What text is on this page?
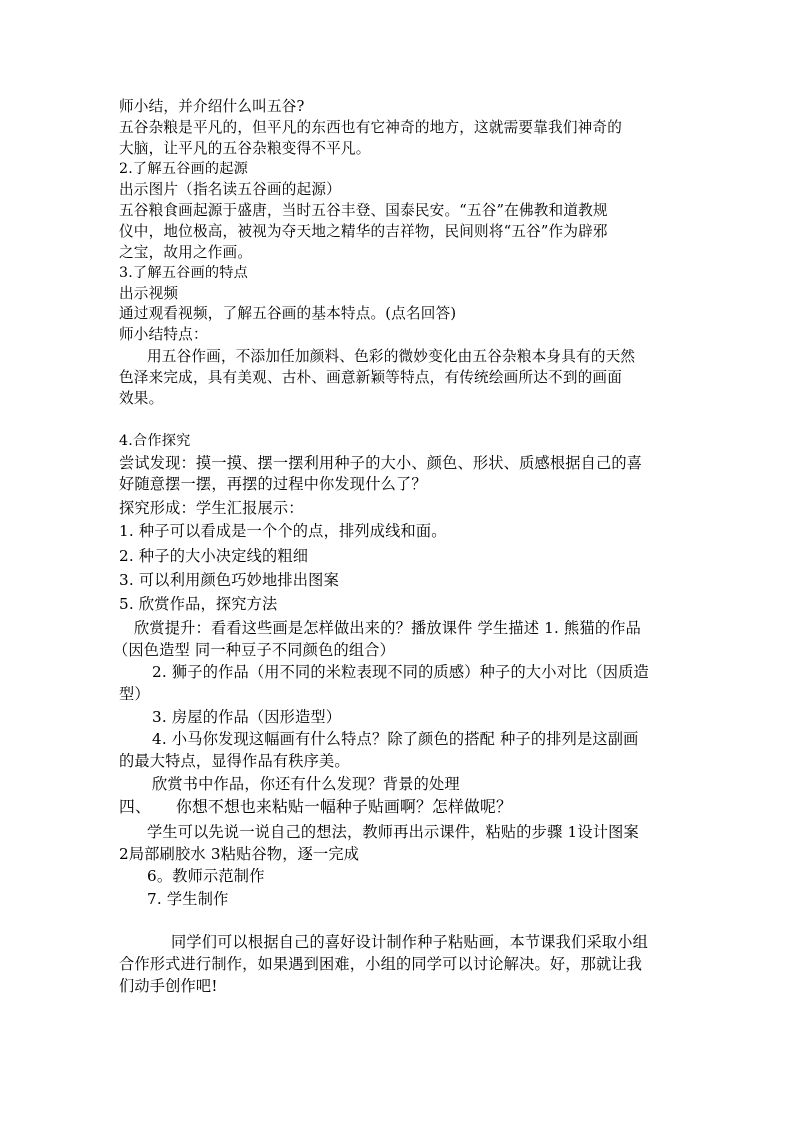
师小结，并介绍什么叫五谷?
五谷杂粮是平凡的，但平凡的东西也有它神奇的地方，这就需要靠我们神奇的
大脑，让平凡的五谷杂粮变得不平凡。
2.了解五谷画的起源
出示图片（指名读五谷画的起源）
五谷粮食画起源于盛唐，当时五谷丰登、国泰民安。“五谷”在佛教和道教规
仪中，地位极高，被视为夺天地之精华的吉祥物，民间则将“五谷”作为辟邪
之宝，故用之作画。
3.了解五谷画的特点
出示视频
通过观看视频，了解五谷画的基本特点。(点名回答)
师小结特点：
用五谷作画，不添加任加颜料、色彩的微妙变化由五谷杂粮本身具有的天然
色泽来完成，具有美观、古朴、画意新颖等特点，有传统绘画所达不到的画面
效果。
4.合作探究
尝试发现：摸一摸、摆一摆利用种子的大小、颜色、形状、质感根据自己的喜
好随意摆一摆，再摆的过程中你发现什么了？
探究形成：学生汇报展示：
1. 种子可以看成是一个个的点，排列成线和面。
2. 种子的大小决定线的粗细
3. 可以利用颜色巧妙地排出图案
5. 欣赏作品，探究方法
欣赏提升：看看这些画是怎样做出来的？播放课件 学生描述 1. 熊猫的作品
（因色造型 同一种豆子不同颜色的组合）
2. 狮子的作品（用不同的米粒表现不同的质感）种子的大小对比（因质造
型）
3. 房屋的作品（因形造型）
4. 小马你发现这幅画有什么特点？除了颜色的搭配 种子的排列是这副画
的最大特点，显得作品有秩序美。
欣赏书中作品，你还有什么发现？背景的处理
四、	你想不想也来粘贴一幅种子贴画啊？怎样做呢？
学生可以先说一说自己的想法，教师再出示课件，粘贴的步骤 1设计图案
2局部刷胶水 3粘贴谷物，逐一完成
6。教师示范制作
7. 学生制作
同学们可以根据自己的喜好设计制作种子粘贴画，本节课我们采取小组
合作形式进行制作，如果遇到困难，小组的同学可以讨论解决。好，那就让我
们动手创作吧!
